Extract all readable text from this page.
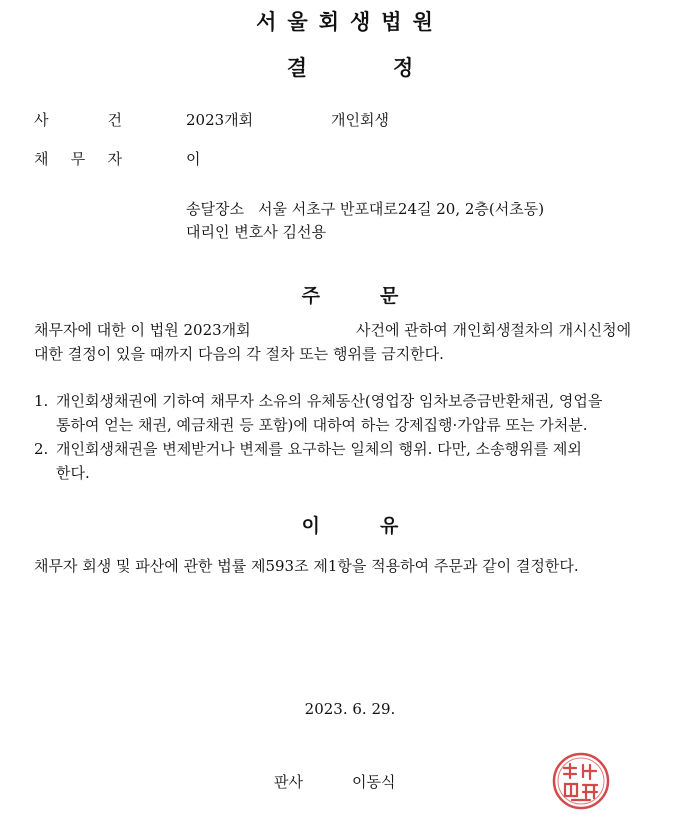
서울회생법원
결	정
사 건	2023개회	개인회생
채 무 자	이
송달장소 서울 서초구 반포대로24길 20, 2층(서초동)
대리인 변호사 김선용
주	문
채무자에 대한 이 법원 2023개회	사건에 관하여 개인회생절차의 개시신청에
대한 결정이 있을 때까지 다음의 각 절차 또는 행위를 금지한다.
1. 개인회생채권에 기하여 채무자 소유의 유체동산(영업장 임차보증금반환채권, 영업을
통하여 얻는 채권, 예금채권 등 포함)에 대하여 하는 강제집행·가압류 또는 가처분.
2. 개인회생채권을 변제받거나 변제를 요구하는 일체의 행위. 다만, 소송행위를 제외
한다.
이	유
채무자 회생 및 파산에 관한 법률 제593조 제1항을 적용하여 주문과 같이 결정한다.
2023. 6. 29.
판사	이동식
